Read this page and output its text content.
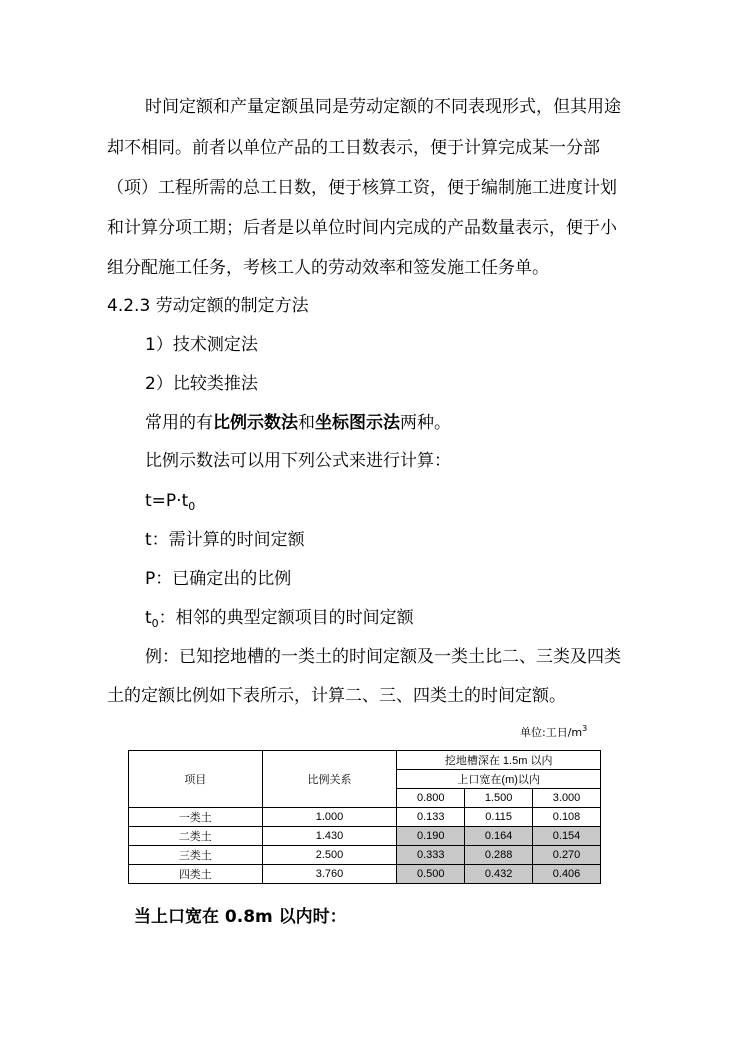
时间定额和产量定额虽同是劳动定额的不同表现形式，但其用途
却不相同。前者以单位产品的工日数表示，便于计算完成某一分部
（项）工程所需的总工日数，便于核算工资，便于编制施工进度计划
和计算分项工期；后者是以单位时间内完成的产品数量表示，便于小
组分配施工任务，考核工人的劳动效率和签发施工任务单。
4.2.3 劳动定额的制定方法
1）技术测定法
2）比较类推法
常用的有比例示数法和坐标图示法两种。
比例示数法可以用下列公式来进行计算：
$t=P\cdot t_0$
t：需计算的时间定额
P：已确定出的比例
$t_0$：相邻的典型定额项目的时间定额
例：已知挖地槽的一类土的时间定额及一类土比二、三类及四类
土的定额比例如下表所示，计算二、三、四类土的时间定额。
单位:工日$/m^3$
项目	比例关系	挖地槽深在 1.5m 以内		
		上口宽在(m)以内		
		0.800	1.500	3.000
一类土	1.000	0.133	0.115	0.108
二类土	1.430	0.190	0.164	0.154
三类土	2.500	0.333	0.288	0.270
四类土	3.760	0.500	0.432	0.406
当上口宽在 0.8m 以内时：
